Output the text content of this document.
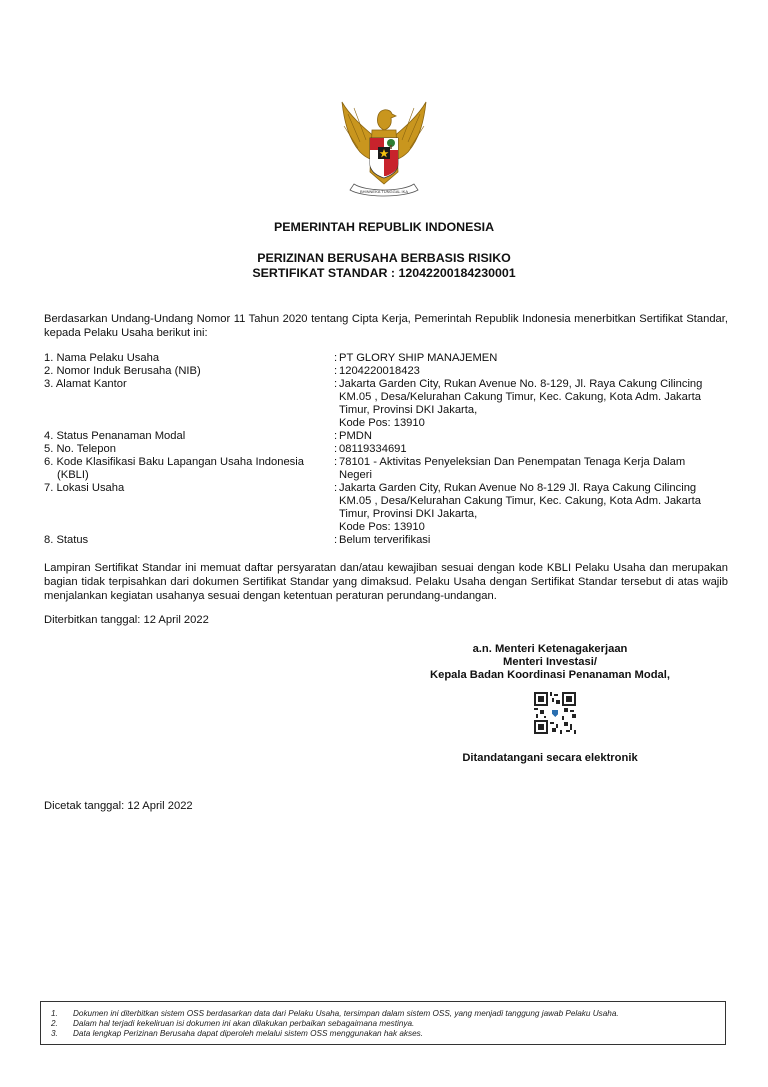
BHINNEKA TUNGGAL IKA
PEMERINTAH REPUBLIK INDONESIA
PERIZINAN BERUSAHA BERBASIS RISIKO
SERTIFIKAT STANDAR : 12042200184230001
Berdasarkan Undang-Undang Nomor 11 Tahun 2020 tentang Cipta Kerja, Pemerintah Republik Indonesia menerbitkan Sertifikat Standar, kepada Pelaku Usaha berikut ini:
1. Nama Pelaku Usaha	: PT GLORY SHIP MANAJEMEN
2. Nomor Induk Berusaha (NIB)	: 1204220018423
3. Alamat Kantor	: Jakarta Garden City, Rukan Avenue No. 8-129, Jl. Raya Cakung Cilincing
KM.05 , Desa/Kelurahan Cakung Timur, Kec. Cakung, Kota Adm. Jakarta
Timur, Provinsi DKI Jakarta,
Kode Pos: 13910
4. Status Penanaman Modal	: PMDN
5. No. Telepon	: 08119334691
6. Kode Klasifikasi Baku Lapangan Usaha Indonesia
(KBLI)
: 78101 - Aktivitas Penyeleksian Dan Penempatan Tenaga Kerja Dalam
Negeri
7. Lokasi Usaha	: Jakarta Garden City, Rukan Avenue No 8-129 Jl. Raya Cakung Cilincing
KM.05 , Desa/Kelurahan Cakung Timur, Kec. Cakung, Kota Adm. Jakarta
Timur, Provinsi DKI Jakarta,
Kode Pos: 13910
8. Status	: Belum terverifikasi
Lampiran Sertifikat Standar ini memuat daftar persyaratan dan/atau kewajiban sesuai dengan kode KBLI Pelaku Usaha dan merupakan bagian tidak terpisahkan dari dokumen Sertifikat Standar yang dimaksud. Pelaku Usaha dengan Sertifikat Standar tersebut di atas wajib menjalankan kegiatan usahanya sesuai dengan ketentuan peraturan perundang-undangan.
Diterbitkan tanggal: 12 April 2022
a.n. Menteri Ketenagakerjaan
Menteri Investasi/
Kepala Badan Koordinasi Penanaman Modal,
Ditandatangani secara elektronik
Dicetak tanggal: 12 April 2022
1. Dokumen ini diterbitkan sistem OSS berdasarkan data dari Pelaku Usaha, tersimpan dalam sistem OSS, yang menjadi tanggung jawab Pelaku Usaha.
2. Dalam hal terjadi kekeliruan isi dokumen ini akan dilakukan perbaikan sebagaimana mestinya.
3. Data lengkap Perizinan Berusaha dapat diperoleh melalui sistem OSS menggunakan hak akses.
